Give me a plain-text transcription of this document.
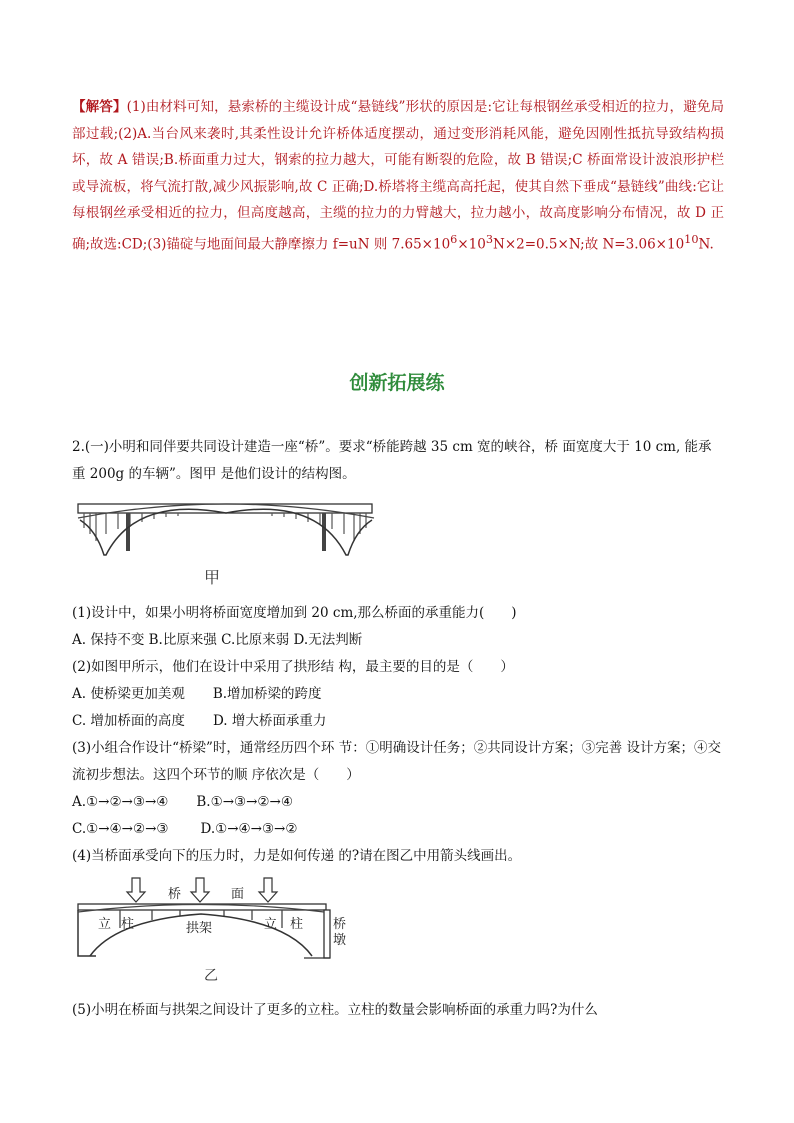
【解答】(1)由材料可知，悬索桥的主缆设计成“悬链线”形状的原因是:它让每根钢丝承受相近的拉力，避免局部过载;(2)A.当台风来袭时,其柔性设计允许桥体适度摆动，通过变形消耗风能，避免因刚性抵抗导致结构损坏，故 A 错误;B.桥面重力过大，钢索的拉力越大，可能有断裂的危险，故 B 错误;C 桥面常设计波浪形护栏或导流板，将气流打散,减少风振影响,故 C 正确;D.桥塔将主缆高高托起，使其自然下垂成“悬链线”曲线:它让每根钢丝承受相近的拉力，但高度越高，主缆的拉力的力臂越大，拉力越小，故高度影响分布情况，故 D 正确;故选:CD;(3)锚碇与地面间最大静摩擦力 f=uN 则 $7.65\times 10^6\times 10^3N\times 2=0.5\times N$;故 $N=3.06\times 10^{10}N$.
创新拓展练
2.(一)小明和同伴要共同设计建造一座“桥”。要求“桥能跨越 35 cm 宽的峡谷，桥 面宽度大于 10 cm, 能承重 200g 的车辆”。图甲 是他们设计的结构图。
甲
(1)设计中，如果小明将桥面宽度增加到 20 cm,那么桥面的承重能力(　　)
A. 保持不变 B.比原来强 C.比原来弱 D.无法判断
(2)如图甲所示，他们在设计中采用了拱形结 构，最主要的目的是（　　）
A. 使桥梁更加美观 B.增加桥梁的跨度
C. 增加桥面的高度 D. 增大桥面承重力
(3)小组合作设计“桥梁”时，通常经历四个环 节：①明确设计任务；②共同设计方案；③完善 设计方案；④交流初步想法。这四个环节的顺 序依次是（　　）
A.①→②→③→④ B.①→③→②→④
C.①→④→②→③ D.①→④→③→②
(4)当桥面承受向下的压力时，力是如何传递 的?请在图乙中用箭头线画出。
桥	面
立 柱	立 柱
拱架	桥
墩
乙
(5)小明在桥面与拱架之间设计了更多的立柱。立柱的数量会影响桥面的承重力吗?为什么
